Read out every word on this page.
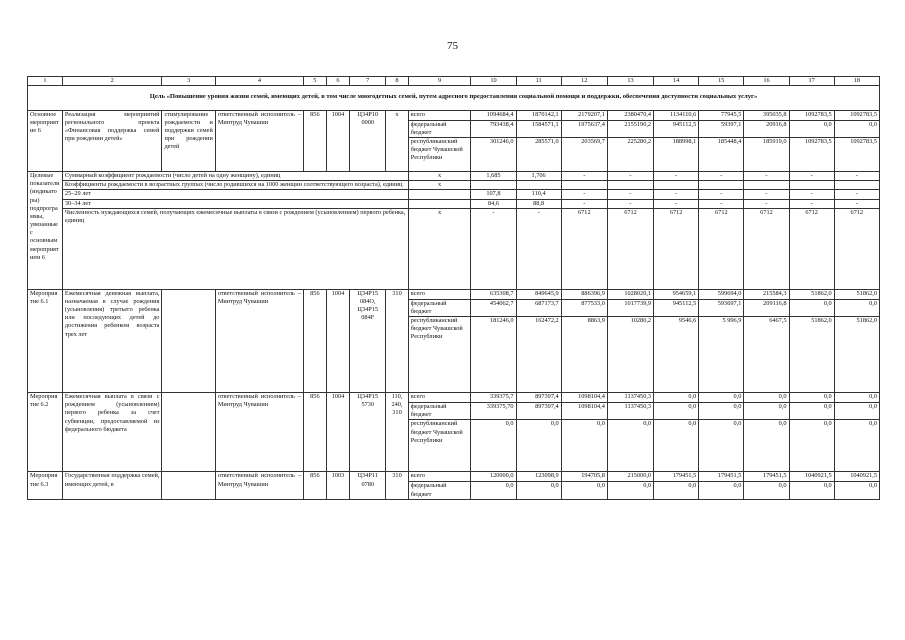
75
1	2	3	4	5	6	7	8	9	10	11	12	13	14	15	16	17	18
Цель «Повышение уровня жизни семей, имеющих детей, в том числе многодетных семей, путем адресного предоставления социальной помощи и поддержки, обеспечения доступности социальных услуг»																	
Основное мероприятие 6	Реализация мероприятий регионального проекта «Финансовая поддержка семей при рождении детей»	стимулирование рождаемости и поддержки семей при рождении детей	ответственный исполнитель – Минтруд Чувашии	856	1004	Ц34Р10 0000	х	всего	1094684,4	1870142,1	2179207,1	2380470,4	1134110,6	77945,5	395035,8	1092783,5	1092783,5
								федеральный бюджет	793438,4	1584571,1	1975637,4	2155190,2	945112,5	59397,1	20916,8	0,0	0,0
								республиканский бюджет Чувашской Республики	301246,0	285571,0	203569,7	225280,2	188998,1	185448,4	185919,0	1092783,5	1092783,5
Целевые показатели (индикаторы) подпрограммы, увязанные с основным мероприятием 6	Суммарный коэффициент рождаемости (число детей на одну женщину), единиц							х	1,685	1,706	-	-	-	-	-	-	-
	Коэффициенты рождаемости в возрастных группах (число родившихся на 1000 женщин соответствующего возраста), единиц							х									
	25–29 лет								107,8	110,4	-	-	-	-	-	-	-
	30–34 лет								84,6	88,8	-	-	-	-	-	-	-
	Численность нуждающихся семей, получающих ежемесячные выплаты в связи с рождением (усыновлением) первого ребенка, единиц							х	-	-	6712	6712	6712	6712	6712	6712	6712
Мероприятие 6.1	Ежемесячная денежная выплата, назначаемая в случае рождения (усыновления) третьего ребенка или последующих детей до достижения ребенком возраста трех лет		ответственный исполнитель – Минтруд Чувашии	856	1004	Ц34Р15 084О, Ц34Р15 084F	310	всего	635308,7	849645,9	886396,9	1028020,1	954659,1	599694,0	215584,3	51862,0	51862,0
								федеральный бюджет	454062,7	687173,7	877533,0	1017739,9	945112,5	593697,1	209116,8	0,0	0,0
								республиканский бюджет Чувашской Республики	181246,0	162472,2	8863,9	10280,2	9546,6	5 996,9	6467,5	51862,0	51862,0
Мероприятие 6.2	Ежемесячная выплата в связи с рождением (усыновлением) первого ребенка за счет субвенции, предоставляемой из федерального бюджета		ответственный исполнитель – Минтруд Чувашии	856	1004	Ц34Р15 5730	110, 240, 310	всего	339375,7	897397,4	1098104,4	1137450,3	0,0	0,0	0,0	0,0	0,0
								федеральный бюджет	339375,70	897397,4	1098104,4	1137450,3	0,0	0,0	0,0	0,0	0,0
								республиканский бюджет Чувашской Республики	0,0	0,0	0,0	0,0	0,0	0,0	0,0	0,0	0,0
Мероприятие 6.3	Государственная поддержка семей, имеющих детей, в		ответственный исполнитель – Минтруд Чувашии	856	1003	Ц34Р11 0780	310	всего	120000,0	123098,9	194705,8	215000,0	179451,5	179451,5	179451,5	1040921,5	1040921,5
								федеральный бюджет	0,0	0,0	0,0	0,0	0,0	0,0	0,0	0,0	0,0
